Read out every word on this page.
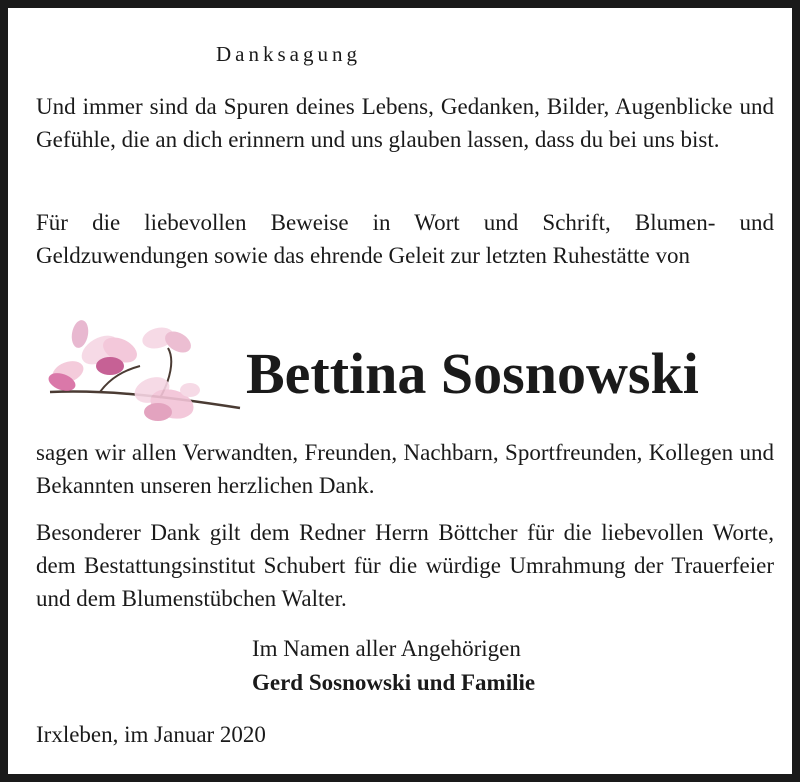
Danksagung

Und immer sind da Spuren deines Lebens, Gedanken, Bilder, Augenblicke und Gefühle, die an dich erinnern und uns glauben lassen, dass du bei uns bist.

Für die liebevollen Beweise in Wort und Schrift, Blumen- und Geldzuwendungen sowie das ehrende Geleit zur letzten Ruhestätte von

Bettina Sosnowski

sagen wir allen Verwandten, Freunden, Nachbarn, Sportfreunden, Kollegen und Bekannten unseren herzlichen Dank.

Besonderer Dank gilt dem Redner Herrn Böttcher für die liebevollen Worte, dem Bestattungsinstitut Schubert für die würdige Umrahmung der Trauerfeier und dem Blumenstübchen Walter.

Im Namen aller Angehörigen
Gerd Sosnowski und Familie
Irxleben, im Januar 2020
